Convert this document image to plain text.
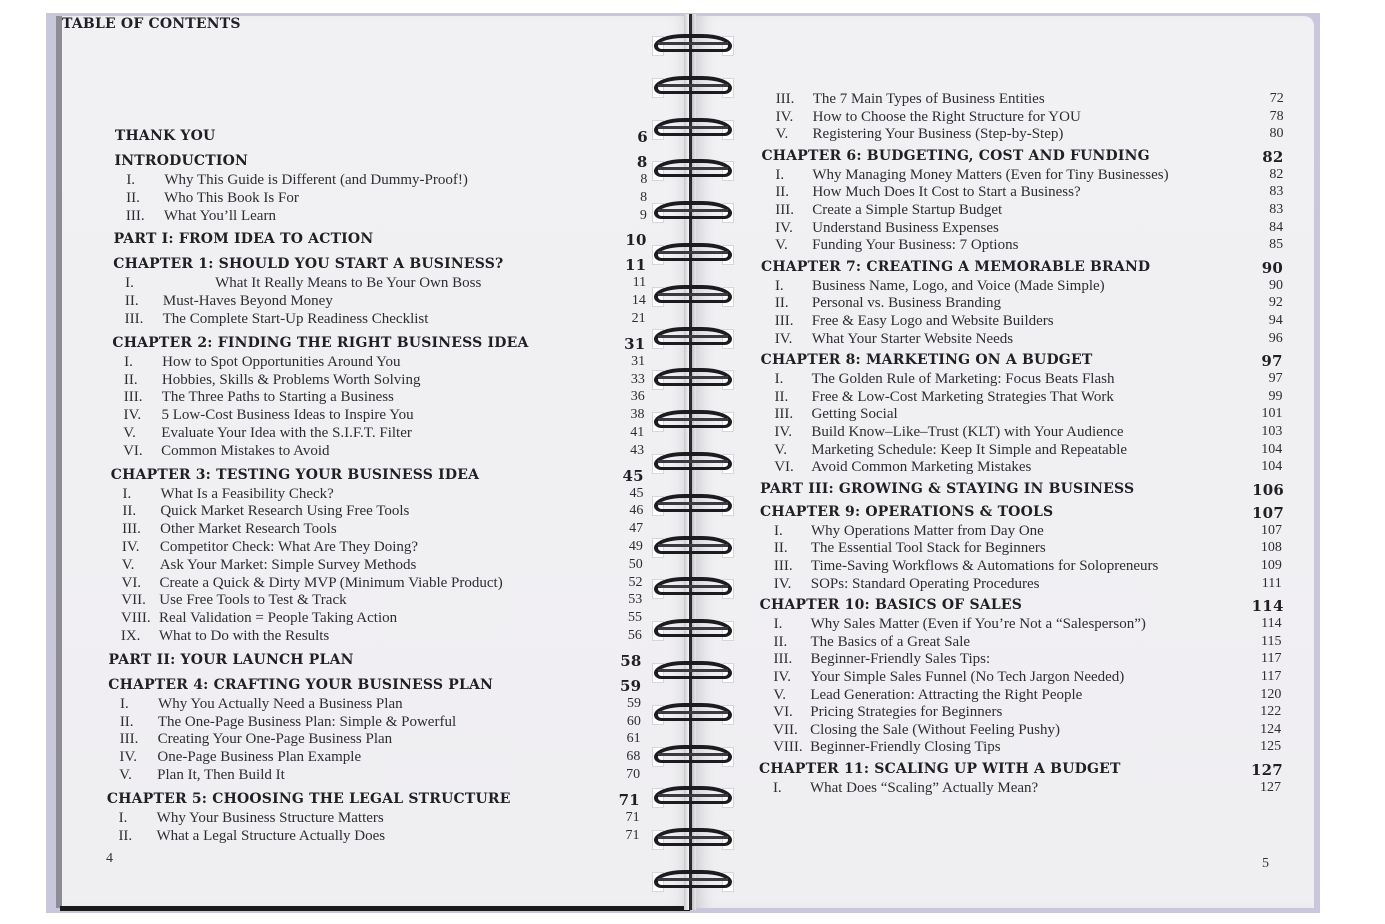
TABLE OF CONTENTS
THANK YOU	6
INTRODUCTION	8
I. Why This Guide is Different (and Dummy-Proof!)	8
II. Who This Book Is For	8
III. What You’ll Learn	9
PART I: FROM IDEA TO ACTION	10
CHAPTER 1: SHOULD YOU START A BUSINESS?	11
I.	What It Really Means to Be Your Own Boss	11
II. Must-Haves Beyond Money	14
III. The Complete Start-Up Readiness Checklist	21
CHAPTER 2: FINDING THE RIGHT BUSINESS IDEA	31
I. How to Spot Opportunities Around You	31
II. Hobbies, Skills & Problems Worth Solving	33
III. The Three Paths to Starting a Business	36
IV. 5 Low-Cost Business Ideas to Inspire You	38
V. Evaluate Your Idea with the S.I.F.T. Filter	41
VI. Common Mistakes to Avoid	43
CHAPTER 3: TESTING YOUR BUSINESS IDEA	45
I. What Is a Feasibility Check?	45
II. Quick Market Research Using Free Tools	46
III. Other Market Research Tools	47
IV. Competitor Check: What Are They Doing?	49
V. Ask Your Market: Simple Survey Methods	50
VI. Create a Quick & Dirty MVP (Minimum Viable Product)	52
VII. Use Free Tools to Test & Track	53
VIII. Real Validation = People Taking Action	55
IX. What to Do with the Results	56
PART II: YOUR LAUNCH PLAN	58
CHAPTER 4: CRAFTING YOUR BUSINESS PLAN	59
I. Why You Actually Need a Business Plan	59
II. The One-Page Business Plan: Simple & Powerful	60
III. Creating Your One-Page Business Plan	61
IV. One-Page Business Plan Example	68
V. Plan It, Then Build It	70
CHAPTER 5: CHOOSING THE LEGAL STRUCTURE	71
I. Why Your Business Structure Matters	71
II. What a Legal Structure Actually Does	71
4
III. The 7 Main Types of Business Entities	72
IV. How to Choose the Right Structure for YOU	78
V. Registering Your Business (Step-by-Step)	80
CHAPTER 6: BUDGETING, COST AND FUNDING	82
I. Why Managing Money Matters (Even for Tiny Businesses)	82
II. How Much Does It Cost to Start a Business?	83
III. Create a Simple Startup Budget	83
IV. Understand Business Expenses	84
V. Funding Your Business: 7 Options	85
CHAPTER 7: CREATING A MEMORABLE BRAND	90
I. Business Name, Logo, and Voice (Made Simple)	90
II. Personal vs. Business Branding	92
III. Free & Easy Logo and Website Builders	94
IV. What Your Starter Website Needs	96
CHAPTER 8: MARKETING ON A BUDGET	97
I. The Golden Rule of Marketing: Focus Beats Flash	97
II. Free & Low-Cost Marketing Strategies That Work	99
III. Getting Social	101
IV. Build Know–Like–Trust (KLT) with Your Audience	103
V. Marketing Schedule: Keep It Simple and Repeatable	104
VI. Avoid Common Marketing Mistakes	104
PART III: GROWING & STAYING IN BUSINESS	106
CHAPTER 9: OPERATIONS & TOOLS	107
I. Why Operations Matter from Day One	107
II. The Essential Tool Stack for Beginners	108
III. Time-Saving Workflows & Automations for Solopreneurs	109
IV. SOPs: Standard Operating Procedures	111
CHAPTER 10: BASICS OF SALES	114
I. Why Sales Matter (Even if You’re Not a “Salesperson”)	114
II. The Basics of a Great Sale	115
III. Beginner-Friendly Sales Tips:	117
IV. Your Simple Sales Funnel (No Tech Jargon Needed)	117
V. Lead Generation: Attracting the Right People	120
VI. Pricing Strategies for Beginners	122
VII. Closing the Sale (Without Feeling Pushy)	124
VIII. Beginner-Friendly Closing Tips	125
CHAPTER 11: SCALING UP WITH A BUDGET	127
I. What Does “Scaling” Actually Mean?	127
5
